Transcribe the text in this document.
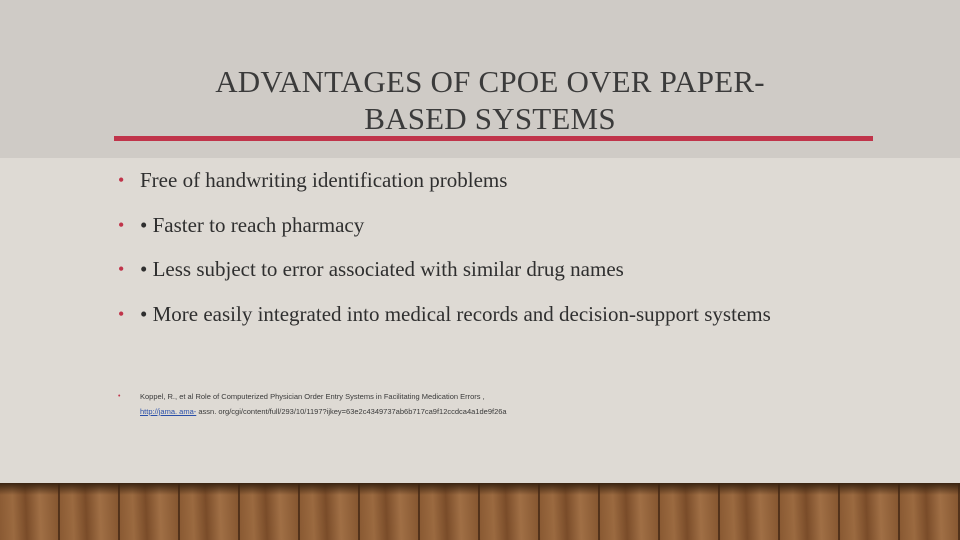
ADVANTAGES OF CPOE OVER PAPER-
BASED SYSTEMS
• Free of handwriting identification problems
• • Faster to reach pharmacy
• • Less subject to error associated with similar drug names
• • More easily integrated into medical records and decision-support systems
•	Koppel, R., et al Role of Computerized Physician Order Entry Systems in Facilitating Medication Errors ,
http://jama. ama- assn. org/cgi/content/full/293/10/1197?ijkey=63e2c4349737ab6b717ca9f12ccdca4a1de9f26a
